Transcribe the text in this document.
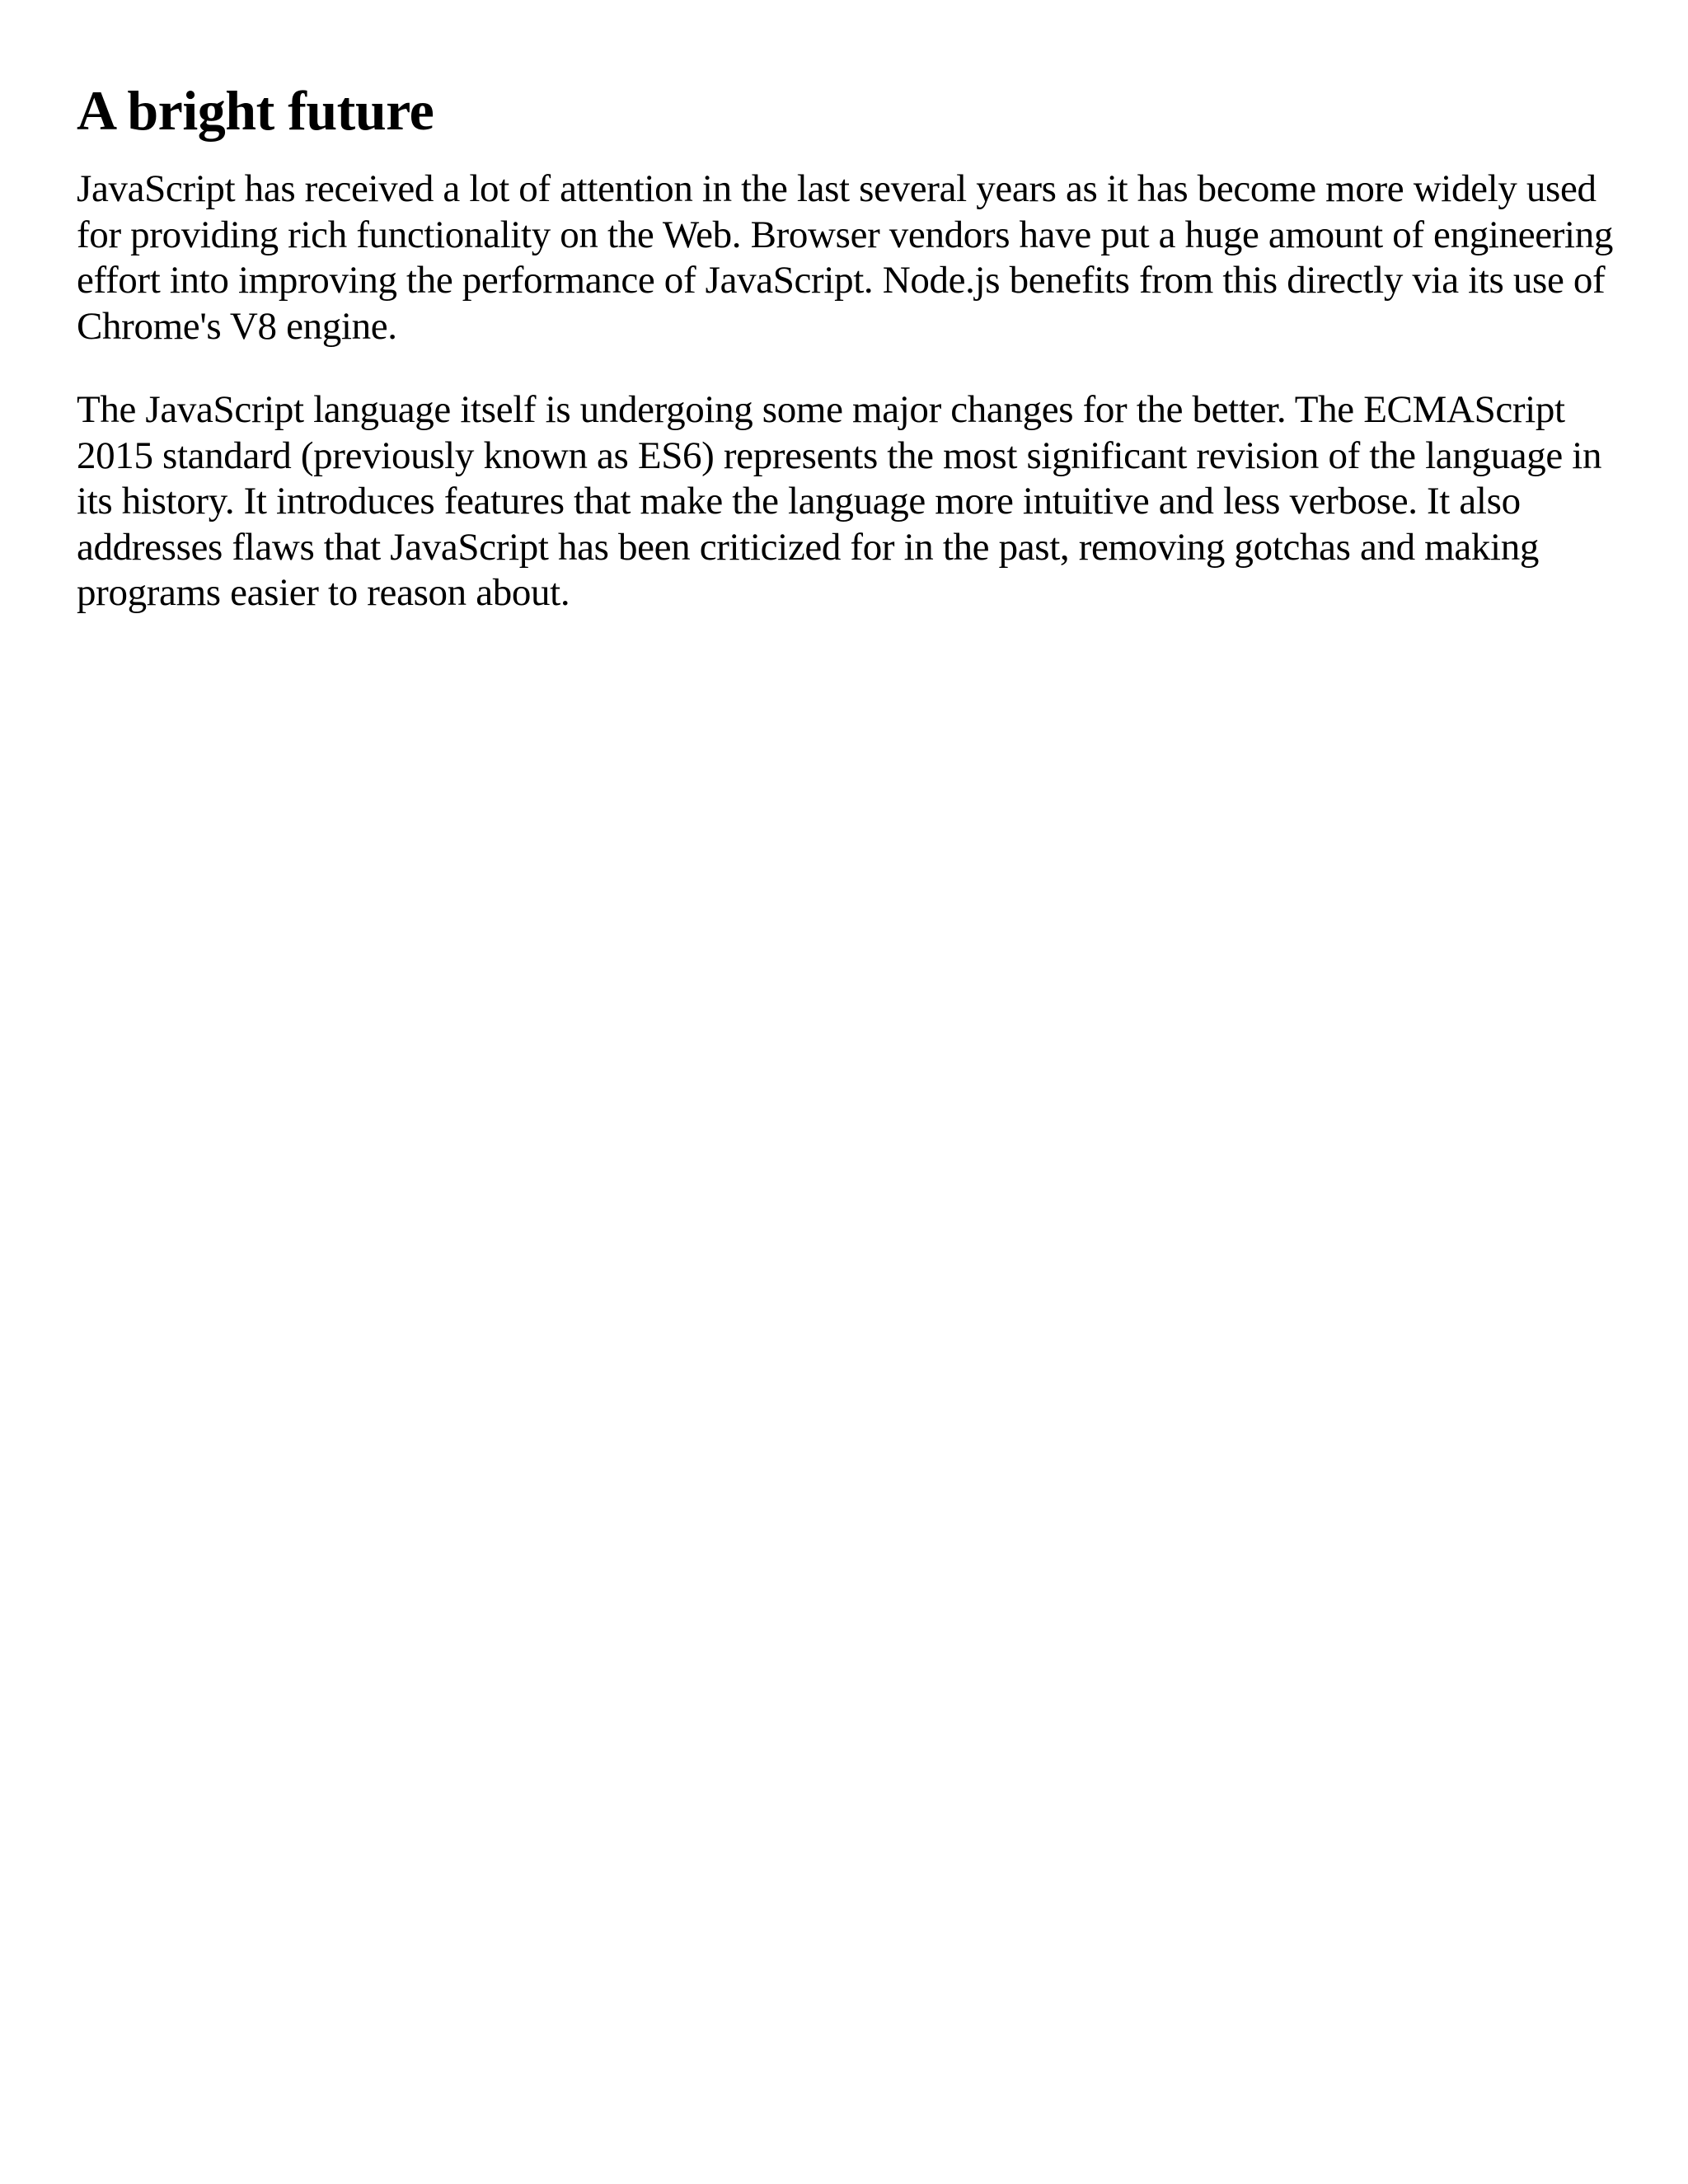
A bright future

JavaScript has received a lot of attention in the last several years as it has become more widely used for providing rich functionality on the Web. Browser vendors have put a huge amount of engineering effort into improving the performance of JavaScript. Node.js benefits from this directly via its use of Chrome's V8 engine.

The JavaScript language itself is undergoing some major changes for the better. The ECMAScript 2015 standard (previously known as ES6) represents the most significant revision of the language in its history. It introduces features that make the language more intuitive and less verbose. It also addresses flaws that JavaScript has been criticized for in the past, removing gotchas and making programs easier to reason about.
